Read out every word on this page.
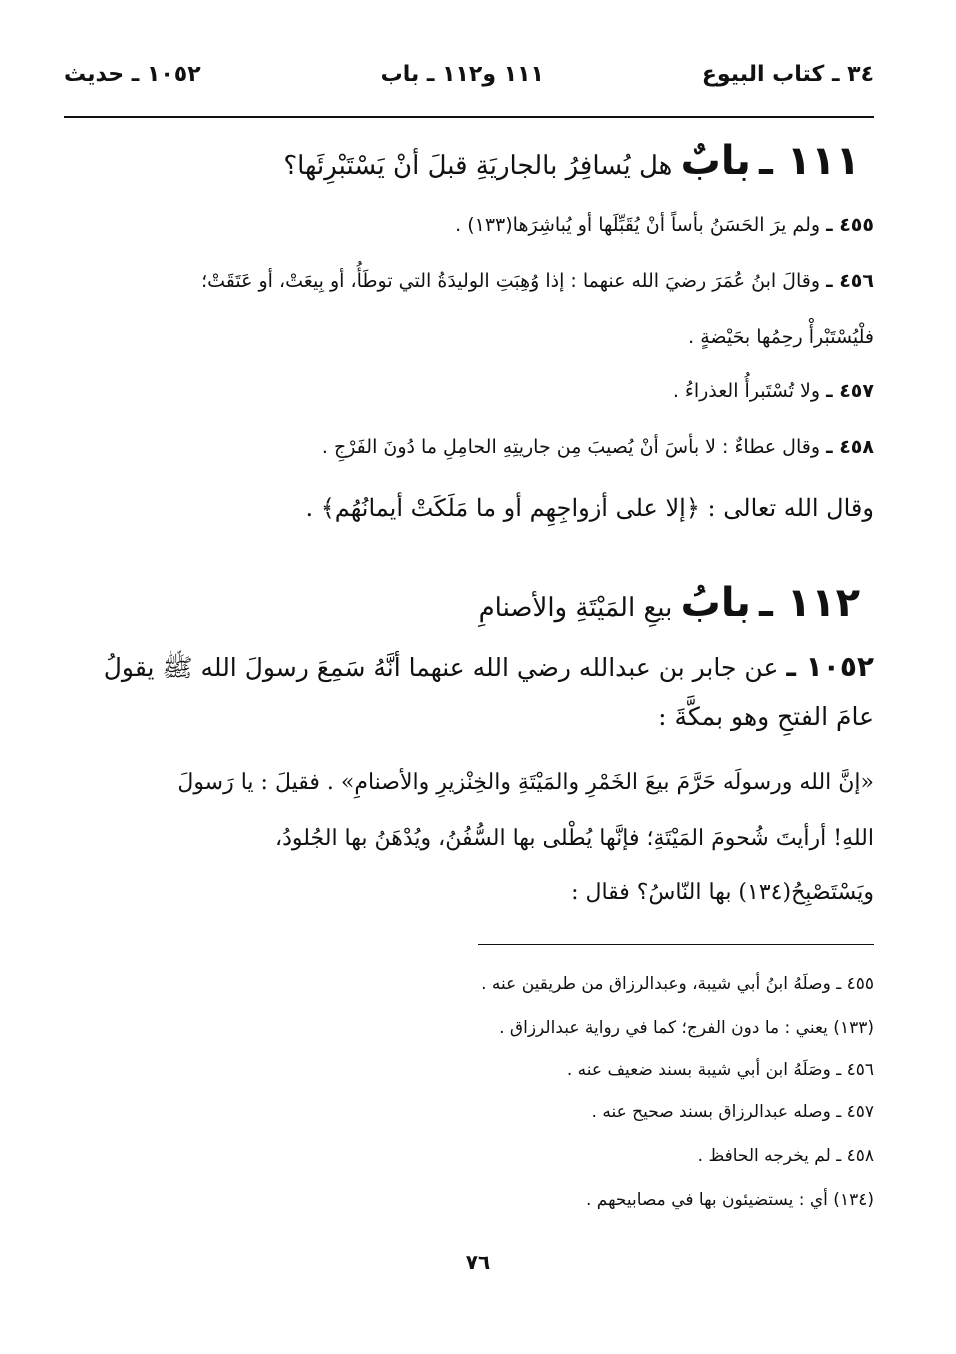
٣٤ ـ كتاب البيوع
١١١ و١١٢ ـ باب
١٠٥٢ ـ حديث
١١١ ـ بابٌ هل يُسافِرُ بالجاريَةِ قبلَ أنْ يَسْتَبْرِئَها؟
٤٥٥ ـ ولم يرَ الحَسَنُ بأساً أنْ يُقَبِّلَها أو يُباشِرَها(١٣٣) .
٤٥٦ ـ وقالَ ابنُ عُمَرَ رضيَ الله عنهما : إذا وُهِبَتِ الوليدَةُ التي توطَأُ، أو بِيعَتْ، أو عَتَقَتْ؛
فلْيُسْتَبْرأْ رحِمُها بحَيْضةٍ .
٤٥٧ ـ ولا تُسْتَبرأُ العذراءُ .
٤٥٨ ـ وقال عطاءٌ : لا بأسَ أنْ يُصيبَ مِن جاريتِهِ الحامِلِ ما دُونَ الفَرْجِ .
وقال الله تعالى : ﴿إلا على أزواجِهِم أو ما مَلَكَتْ أيمانُهُم﴾ .
١١٢ ـ بابُ بيعِ المَيْتَةِ والأصنامِ
١٠٥٢ ـ عن جابر بن عبدالله رضي الله عنهما أنَّهُ سَمِعَ رسولَ الله ﷺ يقولُ
عامَ الفتحِ وهو بمكَّةَ :
«إنَّ الله ورسولَه حَرَّمَ بيعَ الخَمْرِ والمَيْتَةِ والخِنْزيرِ والأصنامِ» . فقيلَ : يا رَسولَ
اللهِ! أرأيتَ شُحومَ المَيْتَةِ؛ فإنَّها يُطْلى بها السُّفُنُ، ويُدْهَنُ بها الجُلودُ،
ويَسْتَصْبِحُ(١٣٤) بها النّاسُ؟ فقال :
٤٥٥ ـ وصلَهُ ابنُ أبي شيبة، وعبدالرزاق من طريقين عنه .
(١٣٣) يعني : ما دون الفرج؛ كما في رواية عبدالرزاق .
٤٥٦ ـ وصَلَهُ ابن أبي شيبة بسند ضعيف عنه .
٤٥٧ ـ وصله عبدالرزاق بسند صحيح عنه .
٤٥٨ ـ لم يخرجه الحافظ .
(١٣٤) أي : يستضيئون بها في مصابيحهم .
٧٦
